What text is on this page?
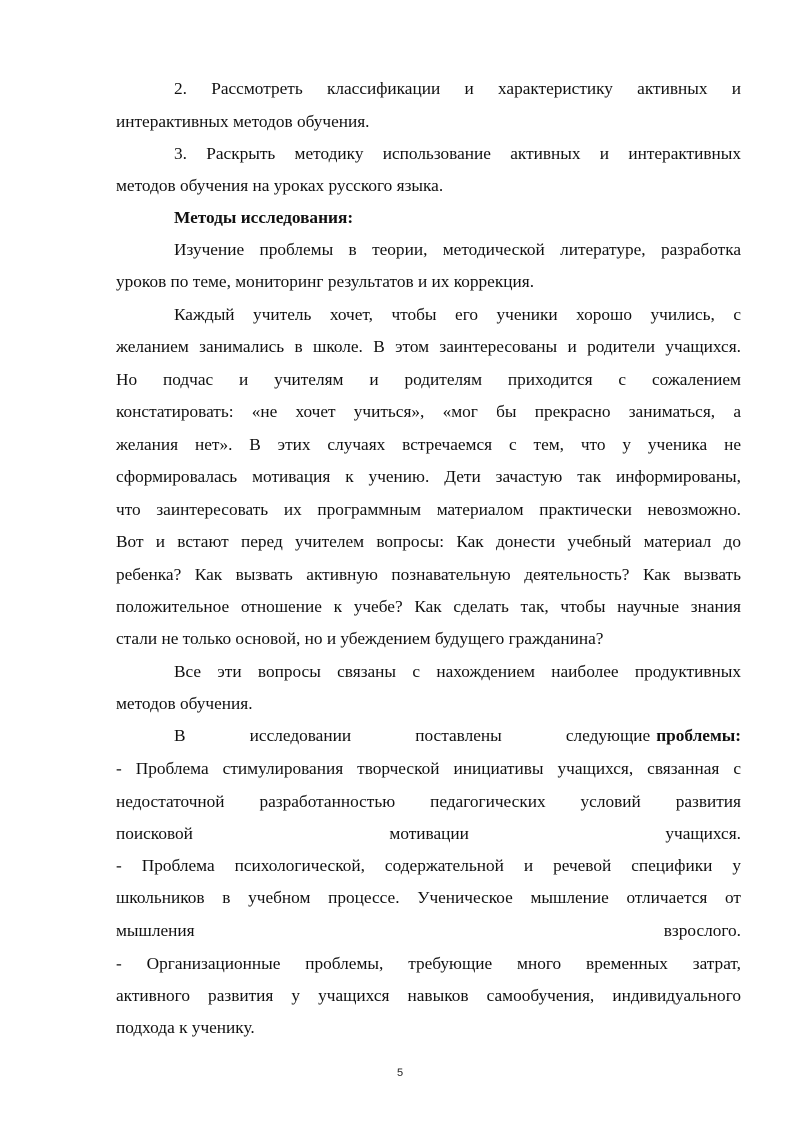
2. Рассмотреть классификации и характеристику активных и
интерактивных методов обучения.
3. Раскрыть методику использование активных и интерактивных
методов обучения на уроках русского языка.
Методы исследования:
Изучение проблемы в теории, методической литературе, разработка
уроков по теме, мониторинг результатов и их коррекция.
Каждый учитель хочет, чтобы его ученики хорошо учились, с
желанием занимались в школе. В этом заинтересованы и родители учащихся.
Но подчас и учителям и родителям приходится с сожалением
констатировать: «не хочет учиться», «мог бы прекрасно заниматься, а
желания нет». В этих случаях встречаемся с тем, что у ученика не
сформировалась мотивация к учению. Дети зачастую так информированы,
что заинтересовать их программным материалом практически невозможно.
Вот и встают перед учителем вопросы: Как донести учебный материал до
ребенка? Как вызвать активную познавательную деятельность? Как вызвать
положительное отношение к учебе? Как сделать так, чтобы научные знания
стали не только основой, но и убеждением будущего гражданина?
Все эти вопросы связаны с нахождением наиболее продуктивных
методов обучения.
В исследовании поставлены следующие проблемы:
- Проблема стимулирования творческой инициативы учащихся, связанная с
недостаточной разработанностью педагогических условий развития
поисковой мотивации учащихся.
- Проблема психологической, содержательной и речевой специфики у
школьников в учебном процессе. Ученическое мышление отличается от
мышления взрослого.
- Организационные проблемы, требующие много временных затрат,
активного развития у учащихся навыков самообучения, индивидуального
подхода к ученику.
5
